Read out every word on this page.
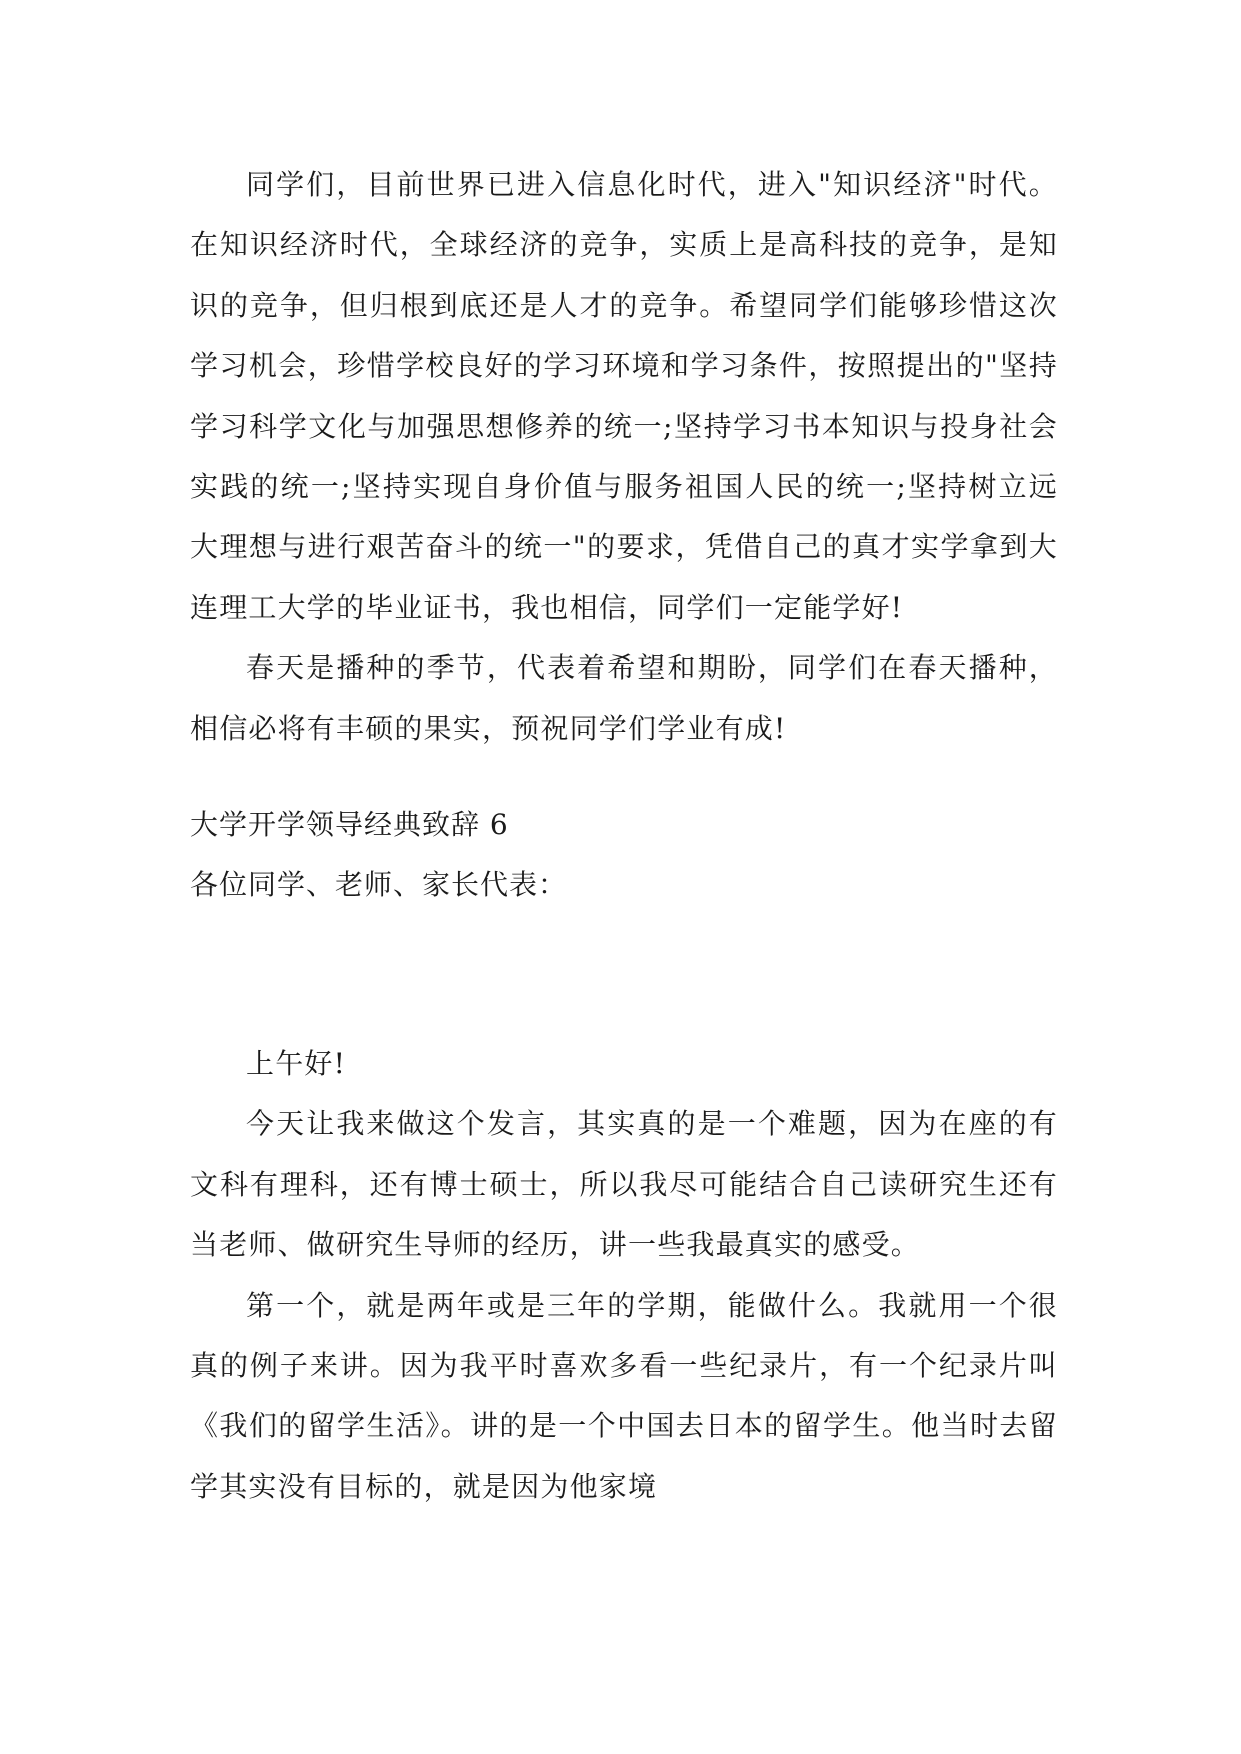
同学们，目前世界已进入信息化时代，进入"知识经济"时代。在知识经济时代，全球经济的竞争，实质上是高科技的竞争，是知识的竞争，但归根到底还是人才的竞争。希望同学们能够珍惜这次学习机会，珍惜学校良好的学习环境和学习条件，按照提出的"坚持学习科学文化与加强思想修养的统一;坚持学习书本知识与投身社会实践的统一;坚持实现自身价值与服务祖国人民的统一;坚持树立远大理想与进行艰苦奋斗的统一"的要求，凭借自己的真才实学拿到大连理工大学的毕业证书，我也相信，同学们一定能学好!

春天是播种的季节，代表着希望和期盼，同学们在春天播种，相信必将有丰硕的果实，预祝同学们学业有成!

大学开学领导经典致辞 6

各位同学、老师、家长代表：

上午好!

今天让我来做这个发言，其实真的是一个难题，因为在座的有文科有理科，还有博士硕士，所以我尽可能结合自己读研究生还有当老师、做研究生导师的经历，讲一些我最真实的感受。

第一个，就是两年或是三年的学期，能做什么。我就用一个很真的例子来讲。因为我平时喜欢多看一些纪录片，有一个纪录片叫《我们的留学生活》。讲的是一个中国去日本的留学生。他当时去留学其实没有目标的，就是因为他家境
